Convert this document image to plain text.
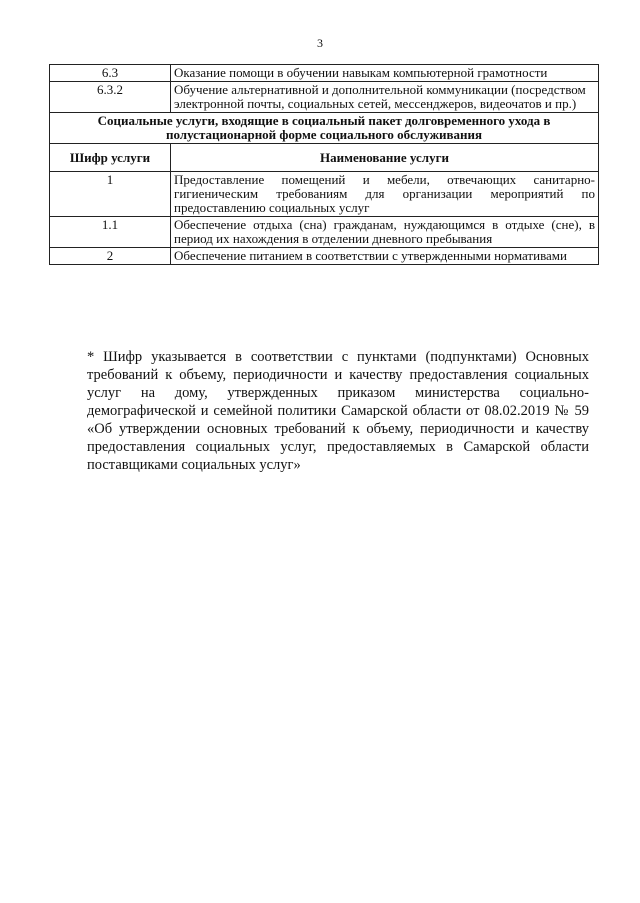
3
6.3	Оказание помощи в обучении навыкам компьютерной грамотности
6.3.2	Обучение альтернативной и дополнительной коммуникации (посредством электронной почты, социальных сетей, мессенджеров, видеочатов и пр.)
Социальные услуги, входящие в социальный пакет долговременного ухода в полустационарной форме социального обслуживания	
Шифр услуги	Наименование услуги
1	Предоставление помещений и мебели, отвечающих санитарно-гигиеническим требованиям для организации мероприятий по предоставлению социальных услуг
1.1	Обеспечение отдыха (сна) гражданам, нуждающимся в отдыхе (сне), в период их нахождения в отделении дневного пребывания
2	Обеспечение питанием в соответствии с утвержденными нормативами
* Шифр указывается в соответствии с пунктами (подпунктами) Основных требований к объему, периодичности и качеству предоставления социальных услуг на дому, утвержденных приказом министерства социально-демографической и семейной политики Самарской области от 08.02.2019 № 59 «Об утверждении основных требований к объему, периодичности и качеству предоставления социальных услуг, предоставляемых в Самарской области поставщиками социальных услуг»
